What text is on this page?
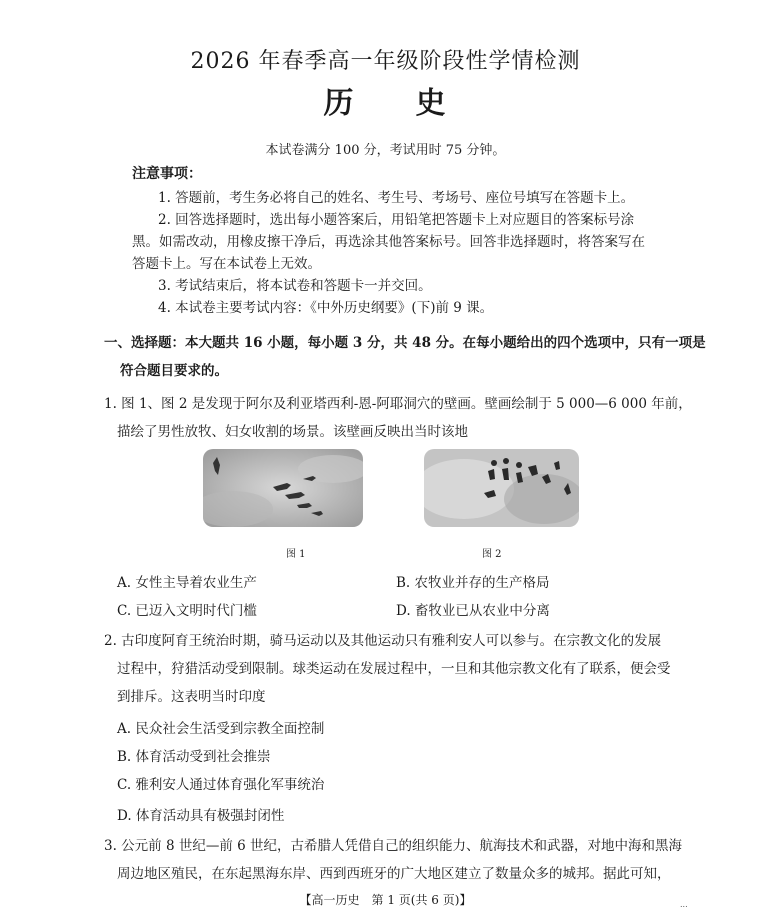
2026 年春季高一年级阶段性学情检测
历 史
本试卷满分 100 分，考试用时 75 分钟。
注意事项：
1. 答题前，考生务必将自己的姓名、考生号、考场号、座位号填写在答题卡上。
2. 回答选择题时，选出每小题答案后，用铅笔把答题卡上对应题目的答案标号涂
黑。如需改动，用橡皮擦干净后，再选涂其他答案标号。回答非选择题时，将答案写在
答题卡上。写在本试卷上无效。
3. 考试结束后，将本试卷和答题卡一并交回。
4. 本试卷主要考试内容：《中外历史纲要》(下)前 9 课。
一、选择题：本大题共 16 小题，每小题 3 分，共 48 分。在每小题给出的四个选项中，只有一项是
符合题目要求的。
1. 图 1、图 2 是发现于阿尔及利亚塔西利-恩-阿耶洞穴的壁画。壁画绘制于 5 000—6 000 年前，
描绘了男性放牧、妇女收割的场景。该壁画反映出当时该地
图 1	图 2
A. 女性主导着农业生产	B. 农牧业并存的生产格局
C. 已迈入文明时代门槛	D. 畜牧业已从农业中分离
2. 古印度阿育王统治时期，骑马运动以及其他运动只有雅利安人可以参与。在宗教文化的发展
过程中，狩猎活动受到限制。球类运动在发展过程中，一旦和其他宗教文化有了联系，便会受
到排斥。这表明当时印度
A. 民众社会生活受到宗教全面控制
B. 体育活动受到社会推崇
C. 雅利安人通过体育强化军事统治
D. 体育活动具有极强封闭性
3. 公元前 8 世纪—前 6 世纪，古希腊人凭借自己的组织能力、航海技术和武器，对地中海和黑海
周边地区殖民，在东起黑海东岸、西到西班牙的广大地区建立了数量众多的城邦。据此可知，
【高一历史　第 1 页(共 6 页)】	...
